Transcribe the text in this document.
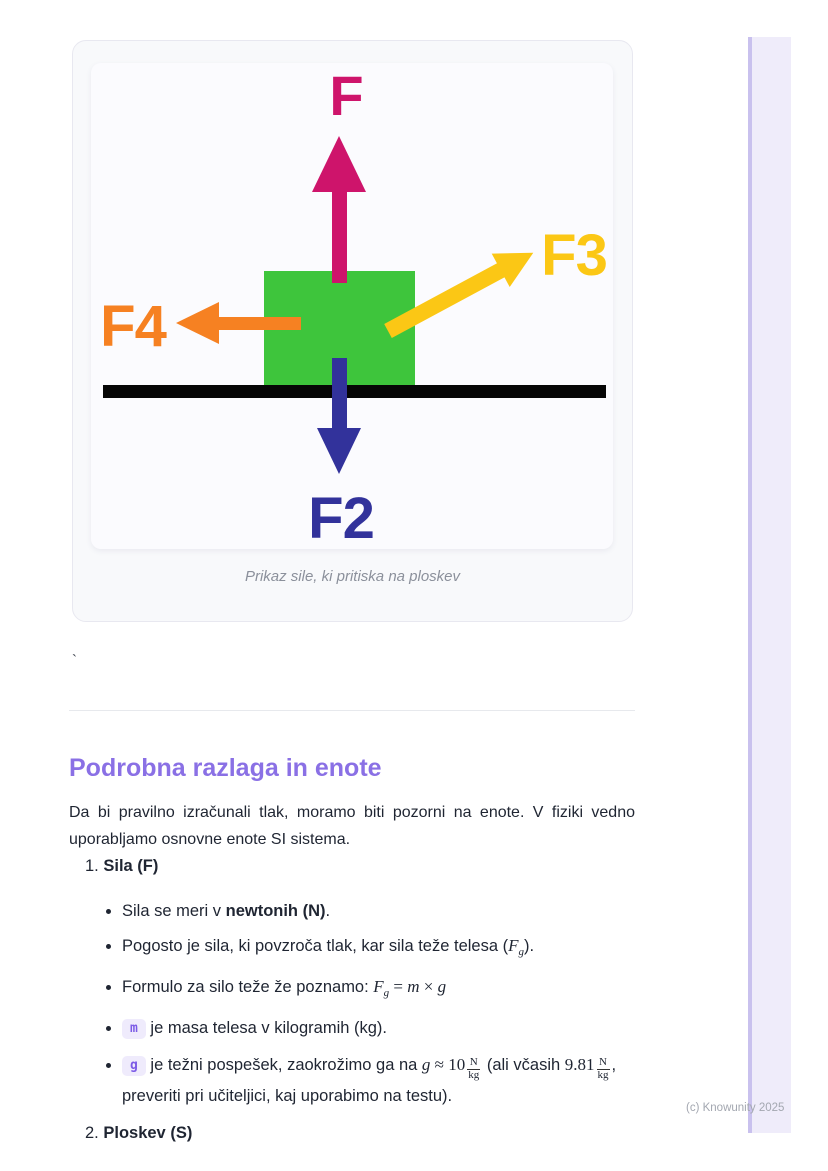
F
F2
F4
F3
Prikaz sile, ki pritiska na ploskev
`
Podrobna razlaga in enote

Da bi pravilno izračunali tlak, moramo biti pozorni na enote. V fiziki vedno uporabljamo osnovne enote SI sistema.

1. Sila (F)
• Sila se meri v newtonih (N).
• Pogosto je sila, ki povzroča tlak, kar sila teže telesa $(F_g)$.
• Formulo za silo teže že poznamo: $F_g = m \times g$
• m je masa telesa v kilogramih (kg).
• g je težni pospešek, zaokrožimo ga na $g \approx 10 \frac{N}{kg} (ali$ včasih $9.81 \frac{N}{kg}$ ,
preveriti pri učiteljici, kaj uporabimo na testu).
2. Ploskev (S)
(c) Knowunity 2025
